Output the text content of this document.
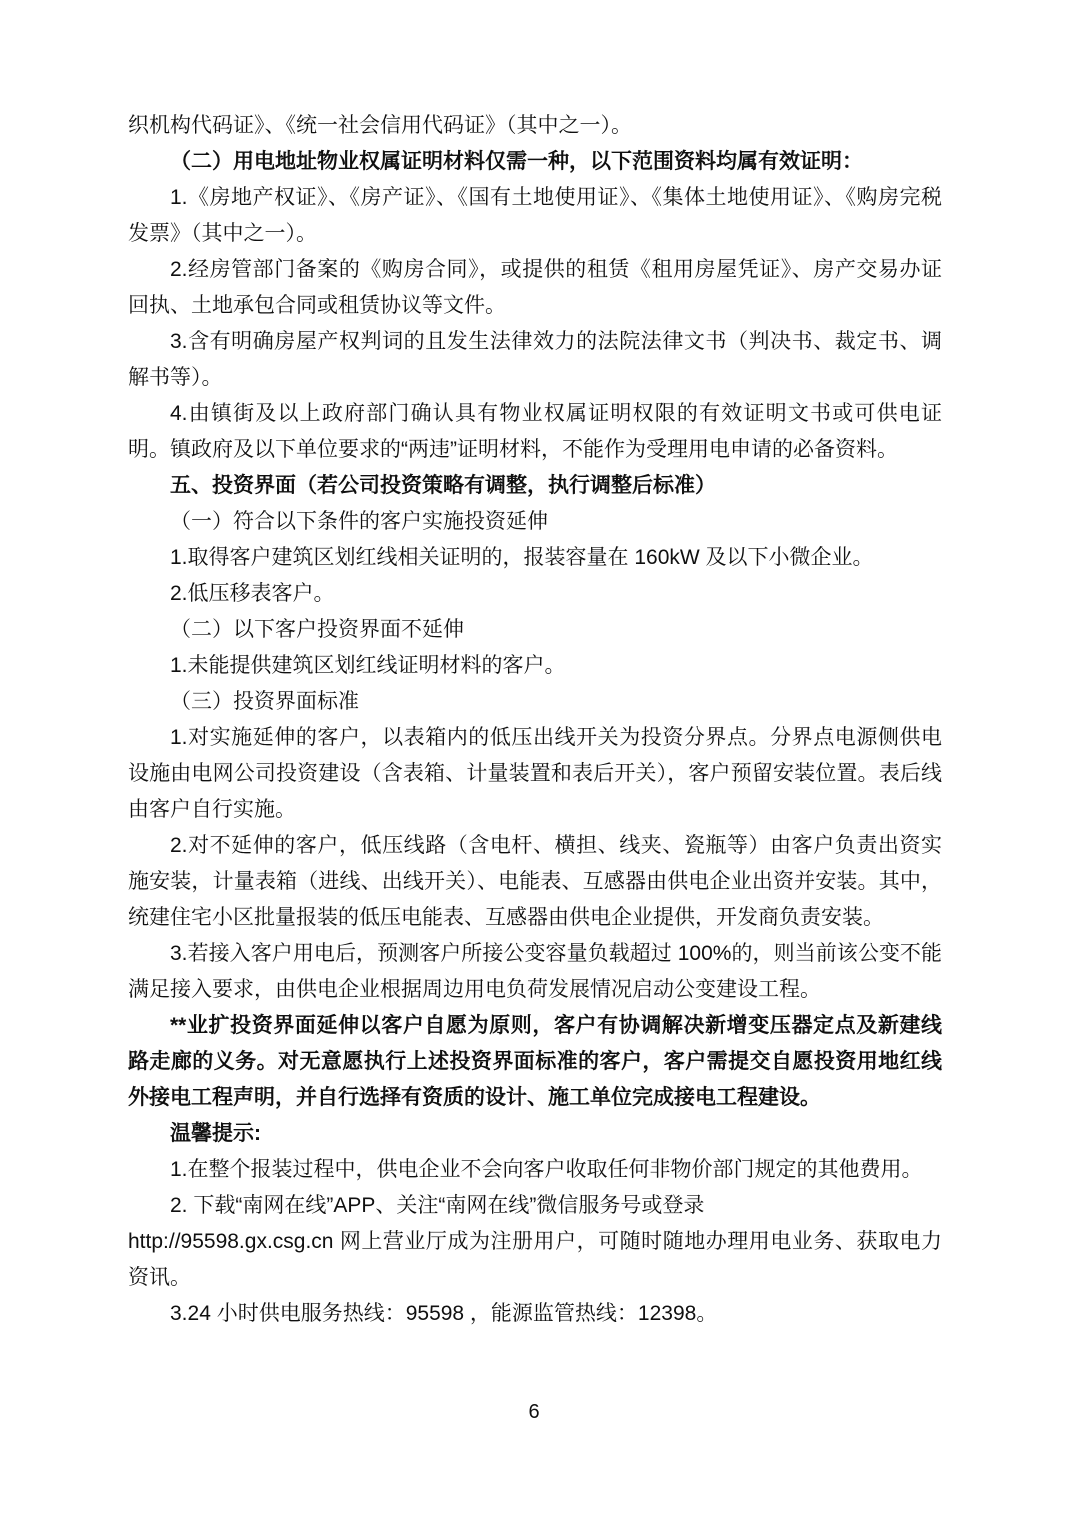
织机构代码证》、《统一社会信用代码证》（其中之一）。

（二）用电地址物业权属证明材料仅需一种，以下范围资料均属有效证明：

1.《房地产权证》、《房产证》、《国有土地使用证》、《集体土地使用证》、《购房完税发票》（其中之一）。

2.经房管部门备案的《购房合同》，或提供的租赁《租用房屋凭证》、房产交易办证回执、土地承包合同或租赁协议等文件。

3.含有明确房屋产权判词的且发生法律效力的法院法律文书（判决书、裁定书、调解书等）。

4.由镇街及以上政府部门确认具有物业权属证明权限的有效证明文书或可供电证明。镇政府及以下单位要求的“两违”证明材料，不能作为受理用电申请的必备资料。

五、投资界面（若公司投资策略有调整，执行调整后标准）

（一）符合以下条件的客户实施投资延伸

1.取得客户建筑区划红线相关证明的，报装容量在 160kW 及以下小微企业。

2.低压移表客户。

（二）以下客户投资界面不延伸

1.未能提供建筑区划红线证明材料的客户。

（三）投资界面标准

1.对实施延伸的客户，以表箱内的低压出线开关为投资分界点。分界点电源侧供电设施由电网公司投资建设（含表箱、计量装置和表后开关），客户预留安装位置。表后线由客户自行实施。

2.对不延伸的客户，低压线路（含电杆、横担、线夹、瓷瓶等）由客户负责出资实施安装，计量表箱（进线、出线开关）、电能表、互感器由供电企业出资并安装。其中，统建住宅小区批量报装的低压电能表、互感器由供电企业提供，开发商负责安装。

3.若接入客户用电后，预测客户所接公变容量负载超过 100%的，则当前该公变不能满足接入要求，由供电企业根据周边用电负荷发展情况启动公变建设工程。

**业扩投资界面延伸以客户自愿为原则，客户有协调解决新增变压器定点及新建线路走廊的义务。对无意愿执行上述投资界面标准的客户，客户需提交自愿投资用地红线外接电工程声明，并自行选择有资质的设计、施工单位完成接电工程建设。

温馨提示:

1.在整个报装过程中，供电企业不会向客户收取任何非物价部门规定的其他费用。

2. 下载“南网在线”APP、关注“南网在线”微信服务号或登录

http://95598.gx.csg.cn 网上营业厅成为注册用户，可随时随地办理用电业务、获取电力资讯。

3.24 小时供电服务热线：95598 ，能源监管热线：12398。

6
